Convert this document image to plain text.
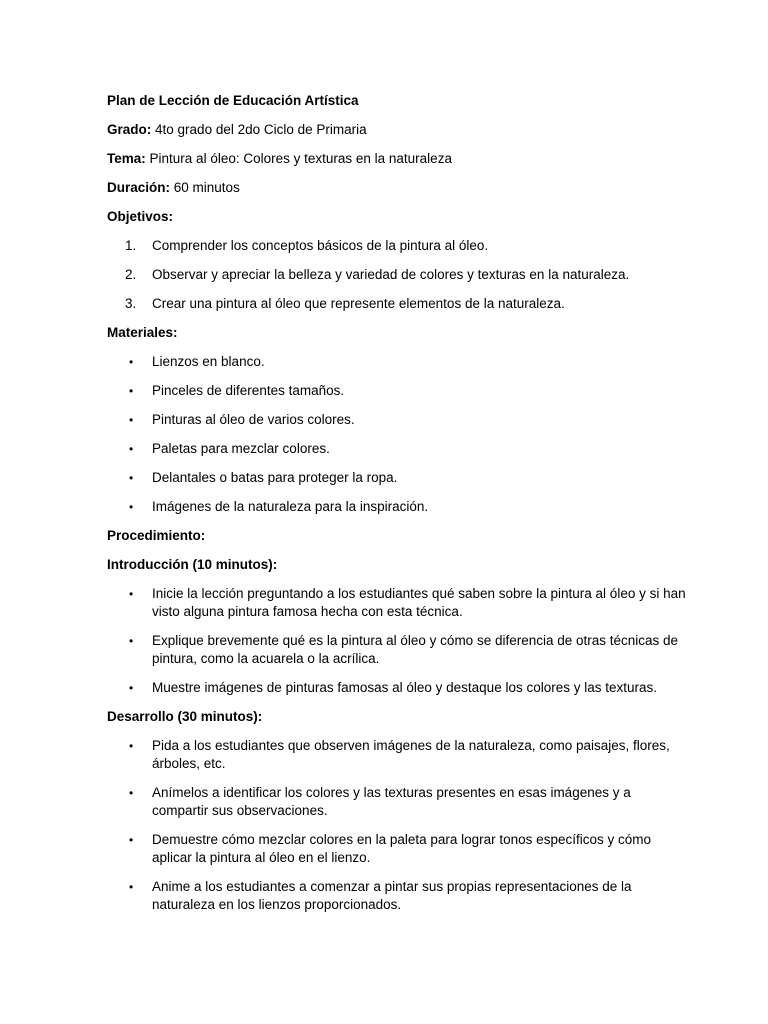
Plan de Lección de Educación Artística

Grado: 4to grado del 2do Ciclo de Primaria

Tema: Pintura al óleo: Colores y texturas en la naturaleza

Duración: 60 minutos

Objetivos:

1. Comprender los conceptos básicos de la pintura al óleo.
2. Observar y apreciar la belleza y variedad de colores y texturas en la naturaleza.
3. Crear una pintura al óleo que represente elementos de la naturaleza.

Materiales:

• Lienzos en blanco.
• Pinceles de diferentes tamaños.
• Pinturas al óleo de varios colores.
• Paletas para mezclar colores.
• Delantales o batas para proteger la ropa.
• Imágenes de la naturaleza para la inspiración.

Procedimiento:

Introducción (10 minutos):

• Inicie la lección preguntando a los estudiantes qué saben sobre la pintura al óleo y si han visto alguna pintura famosa hecha con esta técnica.
• Explique brevemente qué es la pintura al óleo y cómo se diferencia de otras técnicas de pintura, como la acuarela o la acrílica.
• Muestre imágenes de pinturas famosas al óleo y destaque los colores y las texturas.

Desarrollo (30 minutos):

• Pida a los estudiantes que observen imágenes de la naturaleza, como paisajes, flores, árboles, etc.
• Anímelos a identificar los colores y las texturas presentes en esas imágenes y a compartir sus observaciones.
• Demuestre cómo mezclar colores en la paleta para lograr tonos específicos y cómo aplicar la pintura al óleo en el lienzo.
• Anime a los estudiantes a comenzar a pintar sus propias representaciones de la naturaleza en los lienzos proporcionados.
